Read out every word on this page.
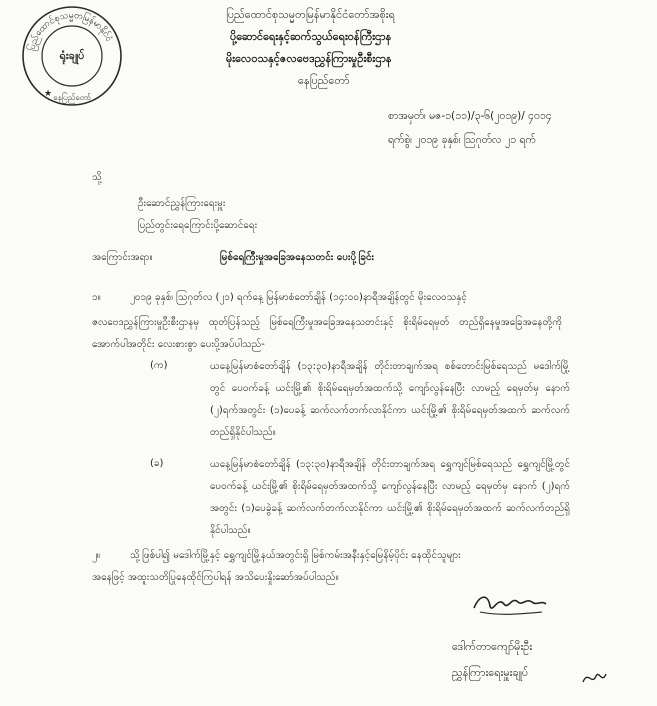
ပြည်ထောင်စုသမ္မတမြန်မာနိုင်ငံ
ရုံးချုပ်
နေပြည်တော်
★
ပြည်ထောင်စုသမ္မတမြန်မာနိုင်ငံတော်အစိုးရ
ပို့ဆောင်ရေးနှင့်ဆက်သွယ်ရေးဝန်ကြီးဌာန
မိုးလေဝသနှင့်ဇလဗေဒညွှန်ကြားမှုဦးစီးဌာန
နေပြည်တော်
စာအမှတ်၊ မဇ-၁(၁၁)/၃-၆(၂၀၁၉)/ ၄၀၁၄
ရက်စွဲ၊ ၂၀၁၉ ခုနှစ်၊ ဩဂုတ်လ ၂၁ ရက်
သို့
ဦးဆောင်ညွှန်ကြားရေးမှူး
ပြည်တွင်းရေကြောင်းပို့ဆောင်ရေး
အကြောင်းအရာ။	မြစ်ရေကြီးမှုအခြေအနေသတင်း ပေးပို့ခြင်း
၁။	၂၀၁၉ ခုနှစ်၊ ဩဂုတ်လ (၂၁) ရက်နေ့ မြန်မာစံတော်ချိန် (၁၄:၀၀)နာရီအချိန်တွင် မိုးလေဝသနှင့်
ဇလဗေဒညွှန်ကြားမှုဦးစီးဌာနမှ ထုတ်ပြန်သည့် မြစ်ရေကြီးမှုအခြေအနေသတင်းနှင့် စိုးရိမ်ရေမှတ် တည်ရှိနေမှုအခြေအနေတို့ကို အောက်ပါအတိုင်း လေးစားစွာ ပေးပို့အပ်ပါသည်-
(က)	ယနေ့မြန်မာစံတော်ချိန် (၁၃:၃၀)နာရီအချိန် တိုင်းတာချက်အရ စစ်တောင်းမြစ်ရေသည် မဒေါက်မြို့တွင် ပေ၀က်ခန့် ယင်းမြို့၏ စိုးရိမ်ရေမှတ်အထက်သို့ ကျော်လွန်နေပြီး လာမည့် ရေမှတ်မှ နောက် (၂)ရက်အတွင်း (၁)ပေခန့် ဆက်လက်တက်လာနိုင်ကာ ယင်းမြို့၏ စိုးရိမ်ရေမှတ်အထက် ဆက်လက်တည်ရှိနိုင်ပါသည်။
(ခ)	ယနေ့မြန်မာစံတော်ချိန် (၁၃:၃၀)နာရီအချိန် တိုင်းတာချက်အရ ရွှေကျင်မြစ်ရေသည် ရွှေကျင်မြို့တွင် ပေ၀က်ခန့် ယင်းမြို့၏ စိုးရိမ်ရေမှတ်အထက်သို့ ကျော်လွန်နေပြီး လာမည့် ရေမှတ်မှ နောက် (၂)ရက်အတွင်း (၁)ပေခွဲခန့် ဆက်လက်တက်လာနိုင်ကာ ယင်းမြို့၏ စိုးရိမ်ရေမှတ်အထက် ဆက်လက်တည်ရှိနိုင်ပါသည်။
၂။	သို့ဖြစ်ပါ၍ မဒေါက်မြို့နှင့် ရွှေကျင်မြို့နယ်အတွင်းရှိ မြစ်ကမ်းအနီးနှင့်မြေနိမ့်ပိုင်း နေထိုင်သူများ
အနေဖြင့် အထူးသတိပြုနေထိုင်ကြပါရန် အသိပေးနှိုးဆော်အပ်ပါသည်။
ဒေါက်တာကျော်မိုးဦး
ညွှန်ကြားရေးမှူးချုပ်
